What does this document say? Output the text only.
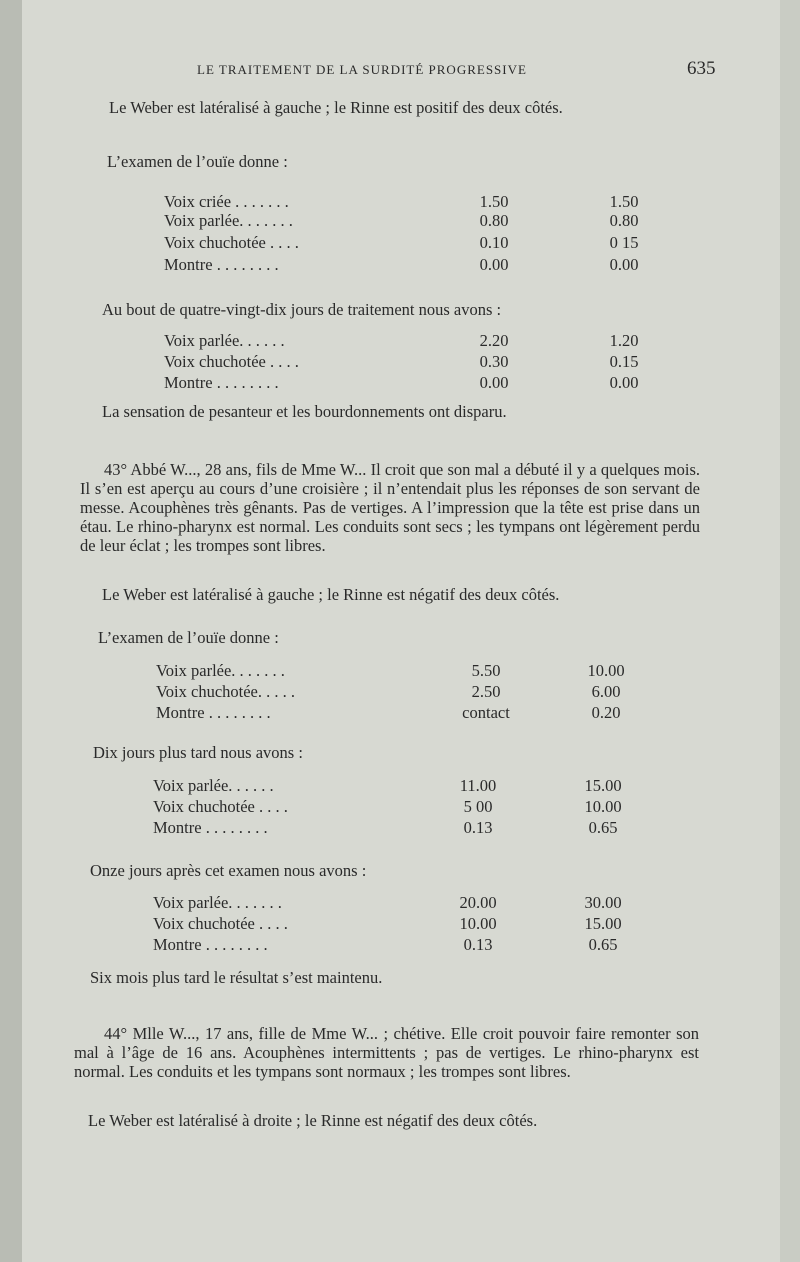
LE TRAITEMENT DE LA SURDITÉ PROGRESSIVE	635

Le Weber est latéralisé à gauche ; le Rinne est positif des deux côtés.

L’examen de l’ouïe donne :

Voix criée . . . . . . .	1.50	1.50
Voix parlée. . . . . . .	0.80	0.80
Voix chuchotée . . . .	0.10	0 15
Montre . . . . . . . .	0.00	0.00

Au bout de quatre-vingt-dix jours de traitement nous avons :

Voix parlée. . . . . .	2.20	1.20
Voix chuchotée . . . .	0.30	0.15
Montre . . . . . . . .	0.00	0.00

La sensation de pesanteur et les bourdonnements ont disparu.

43° Abbé W..., 28 ans, fils de Mme W... Il croit que son mal a débuté il y a quelques mois. Il s’en est aperçu au cours d’une croisière ; il n’entendait plus les réponses de son servant de messe. Acouphènes très gênants. Pas de vertiges. A l’impression que la tête est prise dans un étau. Le rhino-pharynx est normal. Les conduits sont secs ; les tympans ont légèrement perdu de leur éclat ; les trompes sont libres.

Le Weber est latéralisé à gauche ; le Rinne est négatif des deux côtés.

L’examen de l’ouïe donne :

Voix parlée. . . . . . .	5.50	10.00
Voix chuchotée. . . . .	2.50	6.00
Montre . . . . . . . .	contact	0.20

Dix jours plus tard nous avons :

Voix parlée. . . . . .	11.00	15.00
Voix chuchotée . . . .	5 00	10.00
Montre . . . . . . . .	0.13	0.65

Onze jours après cet examen nous avons :

Voix parlée. . . . . . .	20.00	30.00
Voix chuchotée . . . .	10.00	15.00
Montre . . . . . . . .	0.13	0.65

Six mois plus tard le résultat s’est maintenu.

44° Mlle W..., 17 ans, fille de Mme W... ; chétive. Elle croit pouvoir faire remonter son mal à l’âge de 16 ans. Acouphènes intermittents ; pas de vertiges. Le rhino-pharynx est normal. Les conduits et les tympans sont normaux ; les trompes sont libres.

Le Weber est latéralisé à droite ; le Rinne est négatif des deux côtés.
